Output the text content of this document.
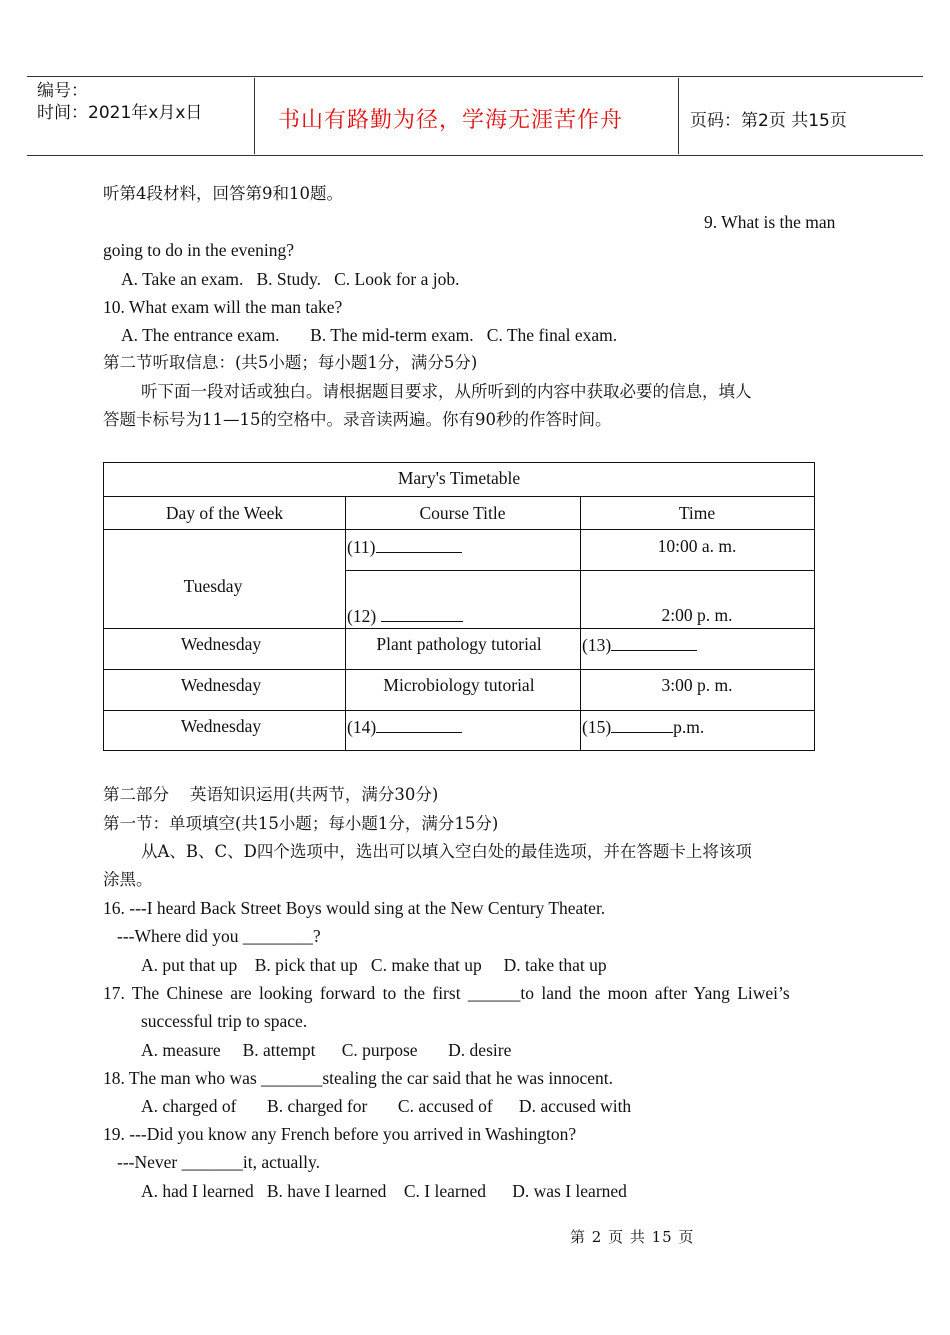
编号：
时间：2021年x月x日	书山有路勤为径，学海无涯苦作舟	页码：第2页 共15页
听第4段材料，回答第9和10题。
9. What is the man
going to do in the evening?
A. Take an exam.   B. Study.   C. Look for a job.
10. What exam will the man take?
A. The entrance exam.       B. The mid-term exam.   C. The final exam.
第二节听取信息：(共5小题；每小题1分，满分5分)
听下面一段对话或独白。请根据题目要求，从所听到的内容中获取必要的信息，填人
答题卡标号为11—15的空格中。录音读两遍。你有90秒的作答时间。
Mary's Timetable
Day of the Week	Course Title	Time
Tuesday
(11)	10:00 a. m.
(12)	2:00 p. m.
Wednesday	Plant pathology tutorial	(13)
Wednesday	Microbiology tutorial	3:00 p. m.
Wednesday	(14)	(15)	p.m.
第二部分    英语知识运用(共两节，满分30分)
第一节：单项填空(共15小题；每小题1分，满分15分)
从A、B、C、D四个选项中，选出可以填入空白处的最佳选项，并在答题卡上将该项
涂黑。
16. ---I heard Back Street Boys would sing at the New Century Theater.
---Where did you ________?
A. put that up    B. pick that up   C. make that up     D. take that up
17. The Chinese are looking forward to the first ______to land the moon after Yang Liwei’s
successful trip to space.
A. measure     B. attempt      C. purpose       D. desire
18. The man who was _______stealing the car said that he was innocent.
A. charged of       B. charged for       C. accused of      D. accused with
19. ---Did you know any French before you arrived in Washington?
---Never _______it, actually.
A. had I learned   B. have I learned    C. I learned      D. was I learned
第 2 页 共 15 页
